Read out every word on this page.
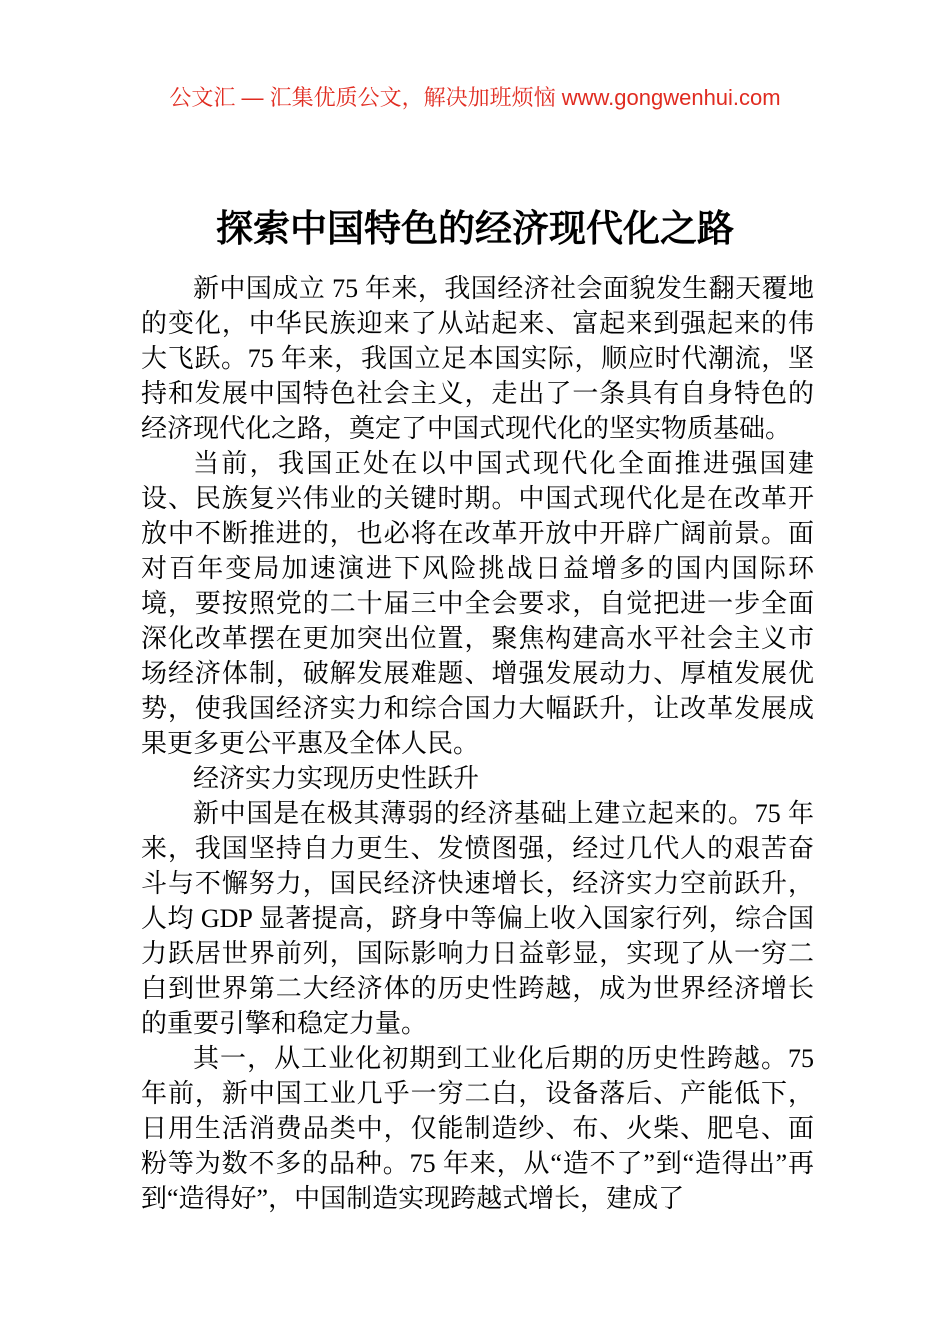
公文汇 — 汇集优质公文，解决加班烦恼 www.gongwenhui.com
探索中国特色的经济现代化之路

新中国成立 75 年来，我国经济社会面貌发生翻天覆地的变化，中华民族迎来了从站起来、富起来到强起来的伟大飞跃。75 年来，我国立足本国实际，顺应时代潮流，坚持和发展中国特色社会主义，走出了一条具有自身特色的经济现代化之路，奠定了中国式现代化的坚实物质基础。

当前，我国正处在以中国式现代化全面推进强国建设、民族复兴伟业的关键时期。中国式现代化是在改革开放中不断推进的，也必将在改革开放中开辟广阔前景。面对百年变局加速演进下风险挑战日益增多的国内国际环境，要按照党的二十届三中全会要求，自觉把进一步全面深化改革摆在更加突出位置，聚焦构建高水平社会主义市场经济体制，破解发展难题、增强发展动力、厚植发展优势，使我国经济实力和综合国力大幅跃升，让改革发展成果更多更公平惠及全体人民。

经济实力实现历史性跃升

新中国是在极其薄弱的经济基础上建立起来的。75 年来，我国坚持自力更生、发愤图强，经过几代人的艰苦奋斗与不懈努力，国民经济快速增长，经济实力空前跃升，人均 GDP 显著提高，跻身中等偏上收入国家行列，综合国力跃居世界前列，国际影响力日益彰显，实现了从一穷二白到世界第二大经济体的历史性跨越，成为世界经济增长的重要引擎和稳定力量。

其一，从工业化初期到工业化后期的历史性跨越。75 年前，新中国工业几乎一穷二白，设备落后、产能低下，日用生活消费品类中，仅能制造纱、布、火柴、肥皂、面粉等为数不多的品种。75 年来，从“造不了”到“造得出”再到“造得好”，中国制造实现跨越式增长，建成了
